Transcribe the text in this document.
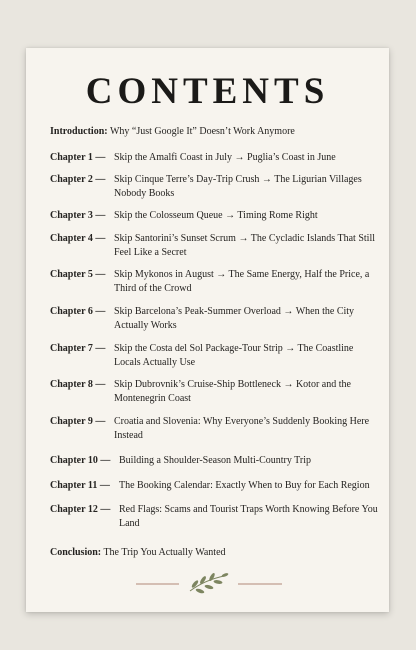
CONTENTS
Introduction: Why “Just Google It” Doesn’t Work Anymore
Chapter 1 — Skip the Amalfi Coast in July → Puglia’s Coast in June
Chapter 2 — Skip Cinque Terre’s Day-Trip Crush → The Ligurian Villages Nobody Books
Chapter 3 — Skip the Colosseum Queue → Timing Rome Right
Chapter 4 — Skip Santorini’s Sunset Scrum → The Cycladic Islands That Still Feel Like a Secret
Chapter 5 — Skip Mykonos in August → The Same Energy, Half the Price, a Third of the Crowd
Chapter 6 — Skip Barcelona’s Peak-Summer Overload → When the City Actually Works
Chapter 7 — Skip the Costa del Sol Package-Tour Strip → The Coastline Locals Actually Use
Chapter 8 — Skip Dubrovnik’s Cruise-Ship Bottleneck → Kotor and the Montenegrin Coast
Chapter 9 — Croatia and Slovenia: Why Everyone’s Suddenly Booking Here Instead
Chapter 10 — Building a Shoulder-Season Multi-Country Trip
Chapter 11 — The Booking Calendar: Exactly When to Buy for Each Region
Chapter 12 — Red Flags: Scams and Tourist Traps Worth Knowing Before You Land
Conclusion: The Trip You Actually Wanted
